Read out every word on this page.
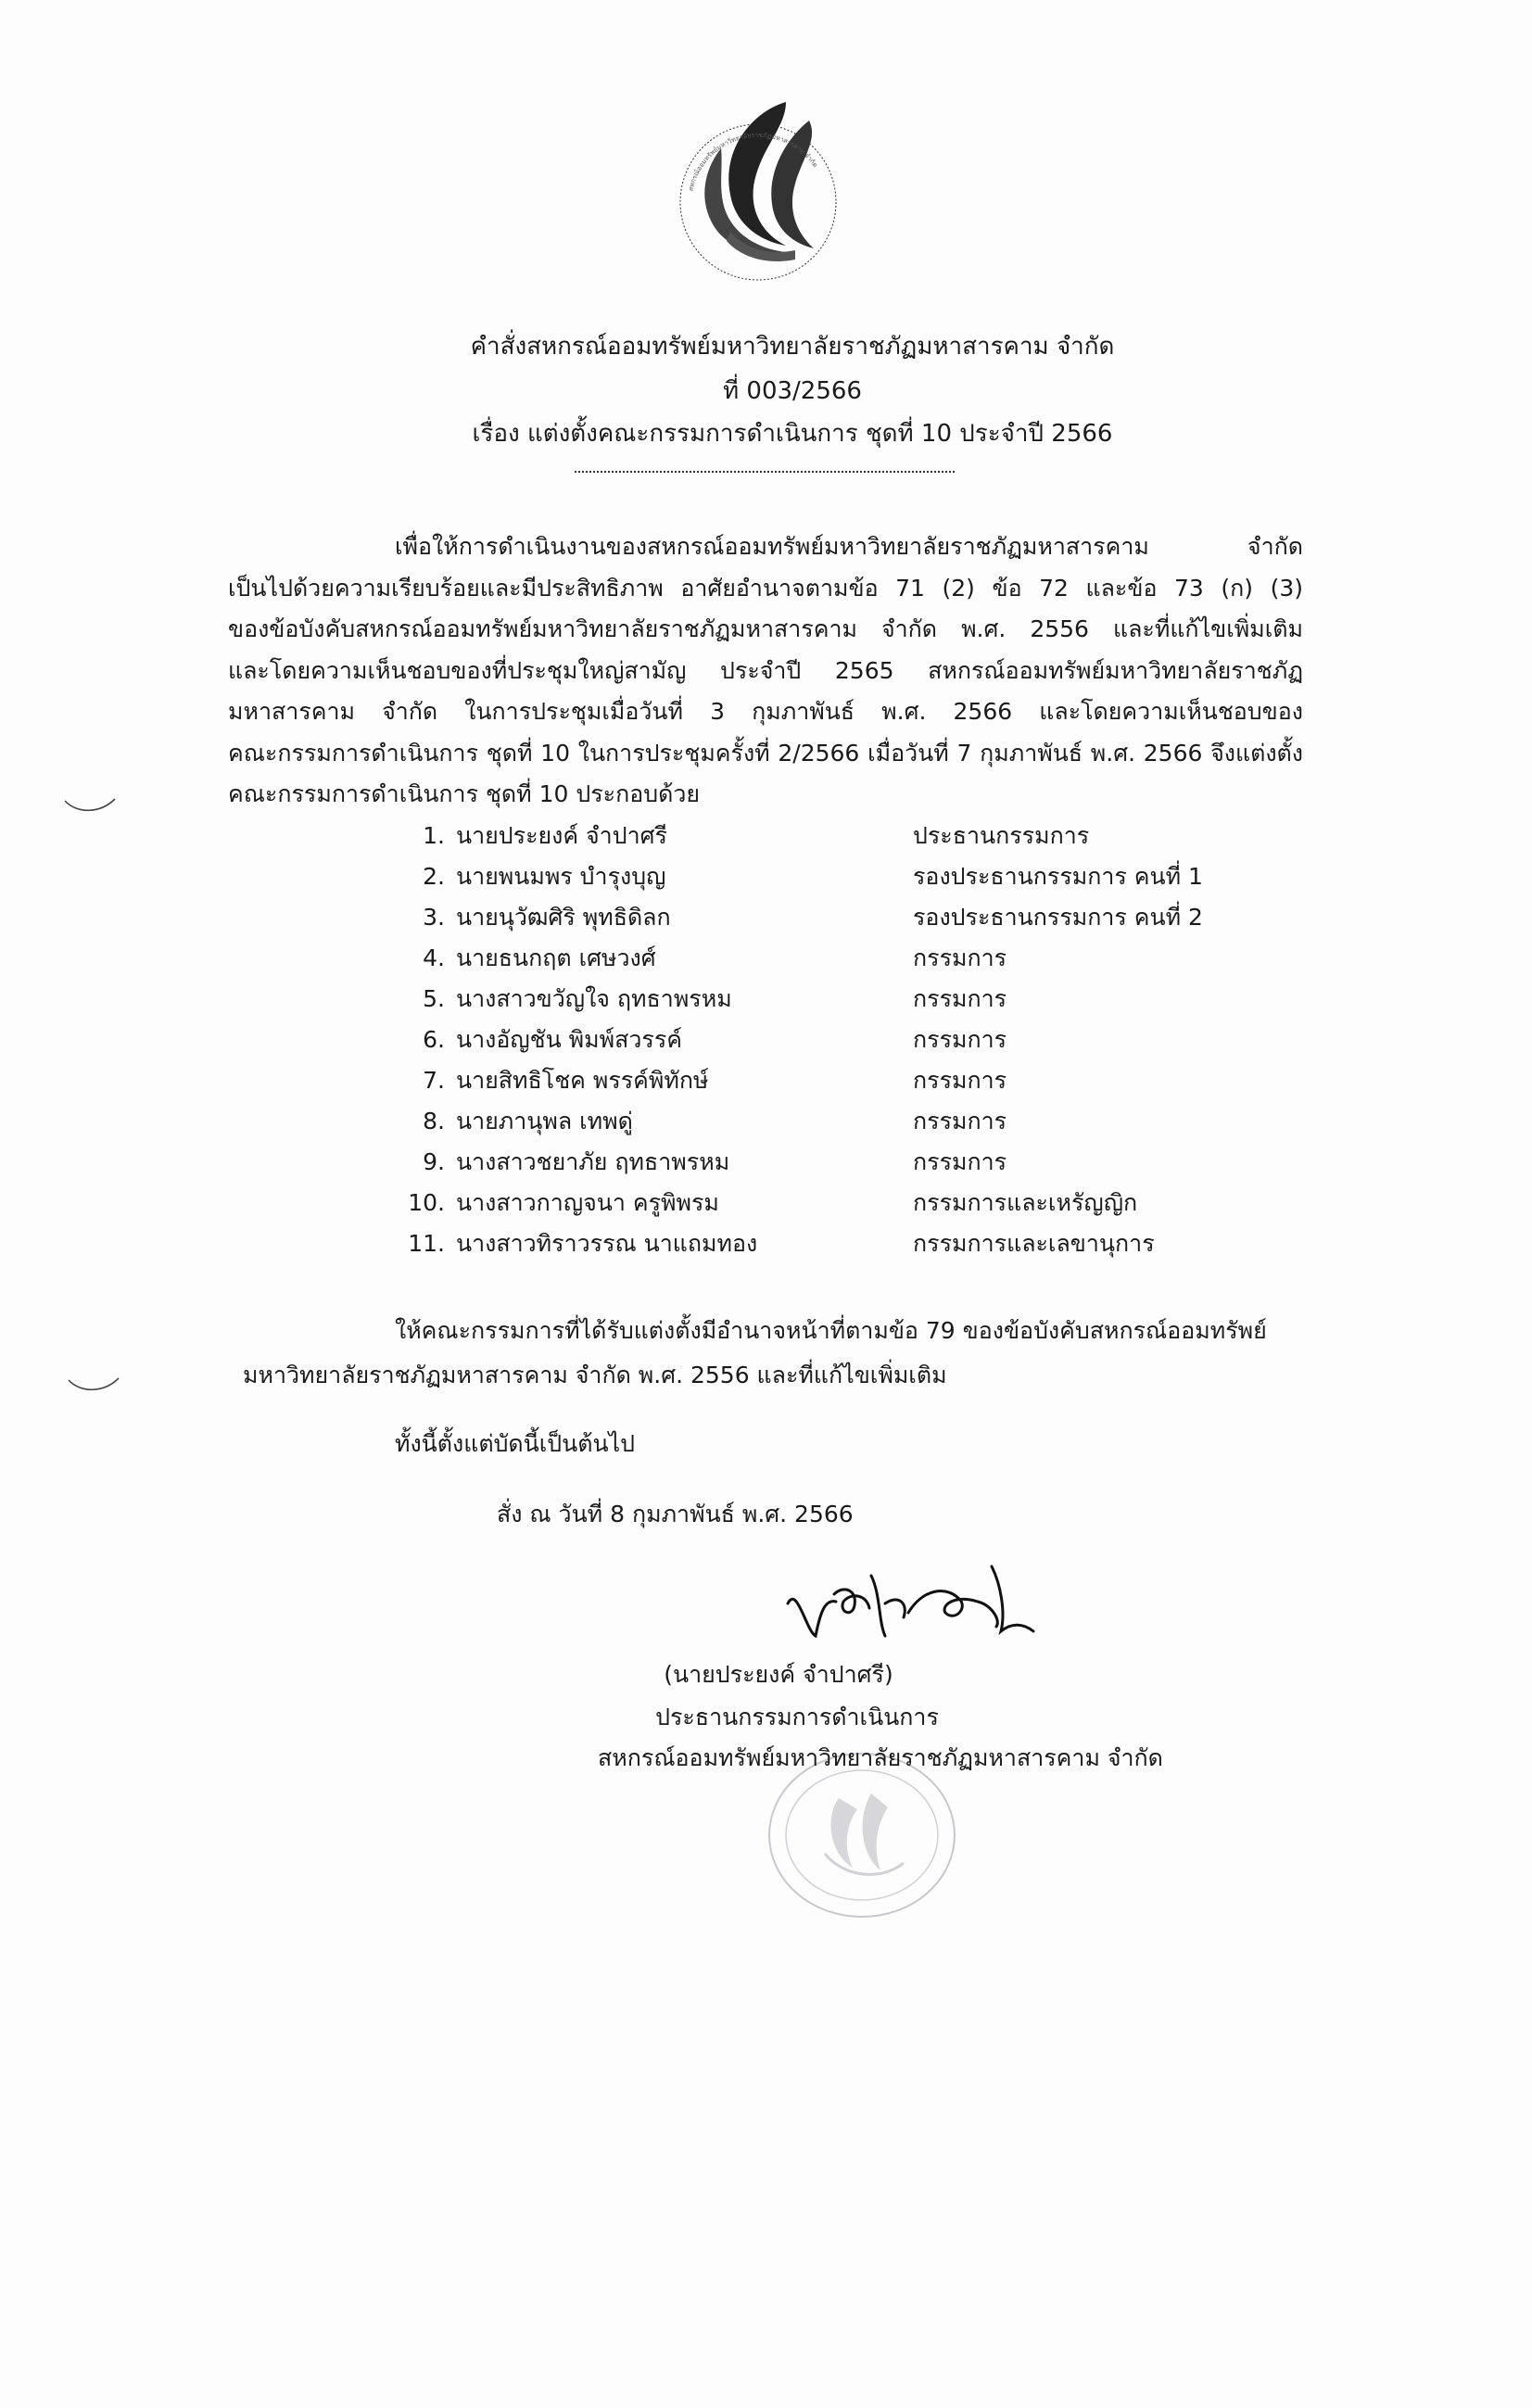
สหกรณ์ออมทรัพย์มหาวิทยาลัยราชภัฏมหาสารคาม จำกัด
คำสั่งสหกรณ์ออมทรัพย์มหาวิทยาลัยราชภัฏมหาสารคาม จำกัด
ที่ 003/2566
เรื่อง แต่งตั้งคณะกรรมการดำเนินการ ชุดที่ 10 ประจำปี 2566
เพื่อให้การดำเนินงานของสหกรณ์ออมทรัพย์มหาวิทยาลัยราชภัฏมหาสารคาม จำกัด
เป็นไปด้วยความเรียบร้อยและมีประสิทธิภาพ อาศัยอำนาจตามข้อ 71 (2) ข้อ 72 และข้อ 73 (ก) (3)
ของข้อบังคับสหกรณ์ออมทรัพย์มหาวิทยาลัยราชภัฏมหาสารคาม จำกัด พ.ศ. 2556 และที่แก้ไขเพิ่มเติม
และโดยความเห็นชอบของที่ประชุมใหญ่สามัญ ประจำปี 2565 สหกรณ์ออมทรัพย์มหาวิทยาลัยราชภัฏ
มหาสารคาม จำกัด ในการประชุมเมื่อวันที่ 3 กุมภาพันธ์ พ.ศ. 2566 และโดยความเห็นชอบของ
คณะกรรมการดำเนินการ ชุดที่ 10 ในการประชุมครั้งที่ 2/2566 เมื่อวันที่ 7 กุมภาพันธ์ พ.ศ. 2566 จึงแต่งตั้ง
คณะกรรมการดำเนินการ ชุดที่ 10 ประกอบด้วย
1. นายประยงค์ จำปาศรี	ประธานกรรมการ
2. นายพนมพร บำรุงบุญ	รองประธานกรรมการ คนที่ 1
3. นายนุวัฒศิริ พุทธิดิลก	รองประธานกรรมการ คนที่ 2
4. นายธนกฤต เศษวงศ์	กรรมการ
5. นางสาวขวัญใจ ฤทธาพรหม	กรรมการ
6. นางอัญชัน พิมพ์สวรรค์	กรรมการ
7. นายสิทธิโชค พรรค์พิทักษ์	กรรมการ
8. นายภานุพล เทพดู่	กรรมการ
9. นางสาวชยาภัย ฤทธาพรหม	กรรมการ
10. นางสาวกาญจนา ครูพิพรม	กรรมการและเหรัญญิก
11. นางสาวทิราวรรณ นาแถมทอง	กรรมการและเลขานุการ
ให้คณะกรรมการที่ได้รับแต่งตั้งมีอำนาจหน้าที่ตามข้อ 79 ของข้อบังคับสหกรณ์ออมทรัพย์
มหาวิทยาลัยราชภัฏมหาสารคาม จำกัด พ.ศ. 2556 และที่แก้ไขเพิ่มเติม
ทั้งนี้ตั้งแต่บัดนี้เป็นต้นไป
สั่ง ณ วันที่ 8 กุมภาพันธ์ พ.ศ. 2566
(นายประยงค์ จำปาศรี)
ประธานกรรมการดำเนินการ
สหกรณ์ออมทรัพย์มหาวิทยาลัยราชภัฏมหาสารคาม จำกัด
